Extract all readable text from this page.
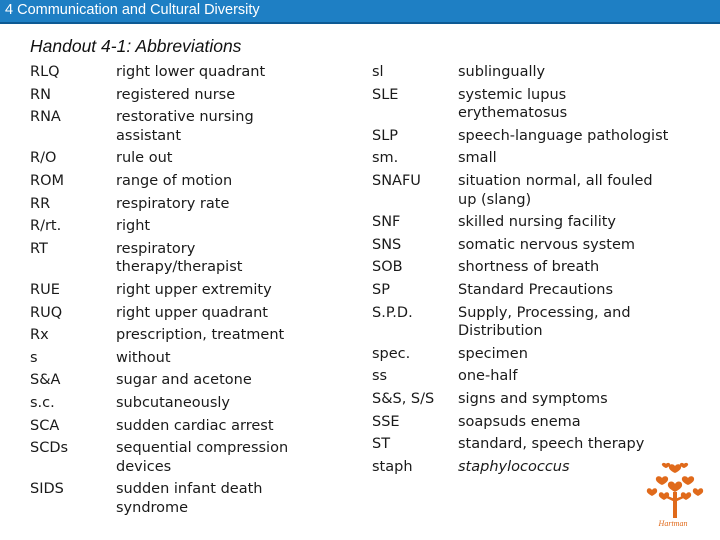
4 Communication and Cultural Diversity
Handout 4-1: Abbreviations
RLQ
RN
RNA
R/O
ROM
RR
R/rt.
RT
RUE
RUQ
Rx
s
S&A
s.c.
SCA
SCDs
SIDS
right lower quadrant
registered nurse
restorative nursing
assistant
rule out
range of motion
respiratory rate
right
respiratory
therapy/therapist
right upper extremity
right upper quadrant
prescription, treatment
without
sugar and acetone
subcutaneously
sudden cardiac arrest
sequential compression
devices
sudden infant death
syndrome
sl
SLE
SLP
sm.
SNAFU
SNF
SNS
SOB
SP
S.P.D.
spec.
ss
S&S, S/S
SSE
ST
staph
sublingually
systemic lupus
erythematosus
speech-language pathologist
small
situation normal, all fouled
up (slang)
skilled nursing facility
somatic nervous system
shortness of breath
Standard Precautions
Supply, Processing, and
Distribution
specimen
one-half
signs and symptoms
soapsuds enema
standard, speech therapy
staphylococcus
Hartman
